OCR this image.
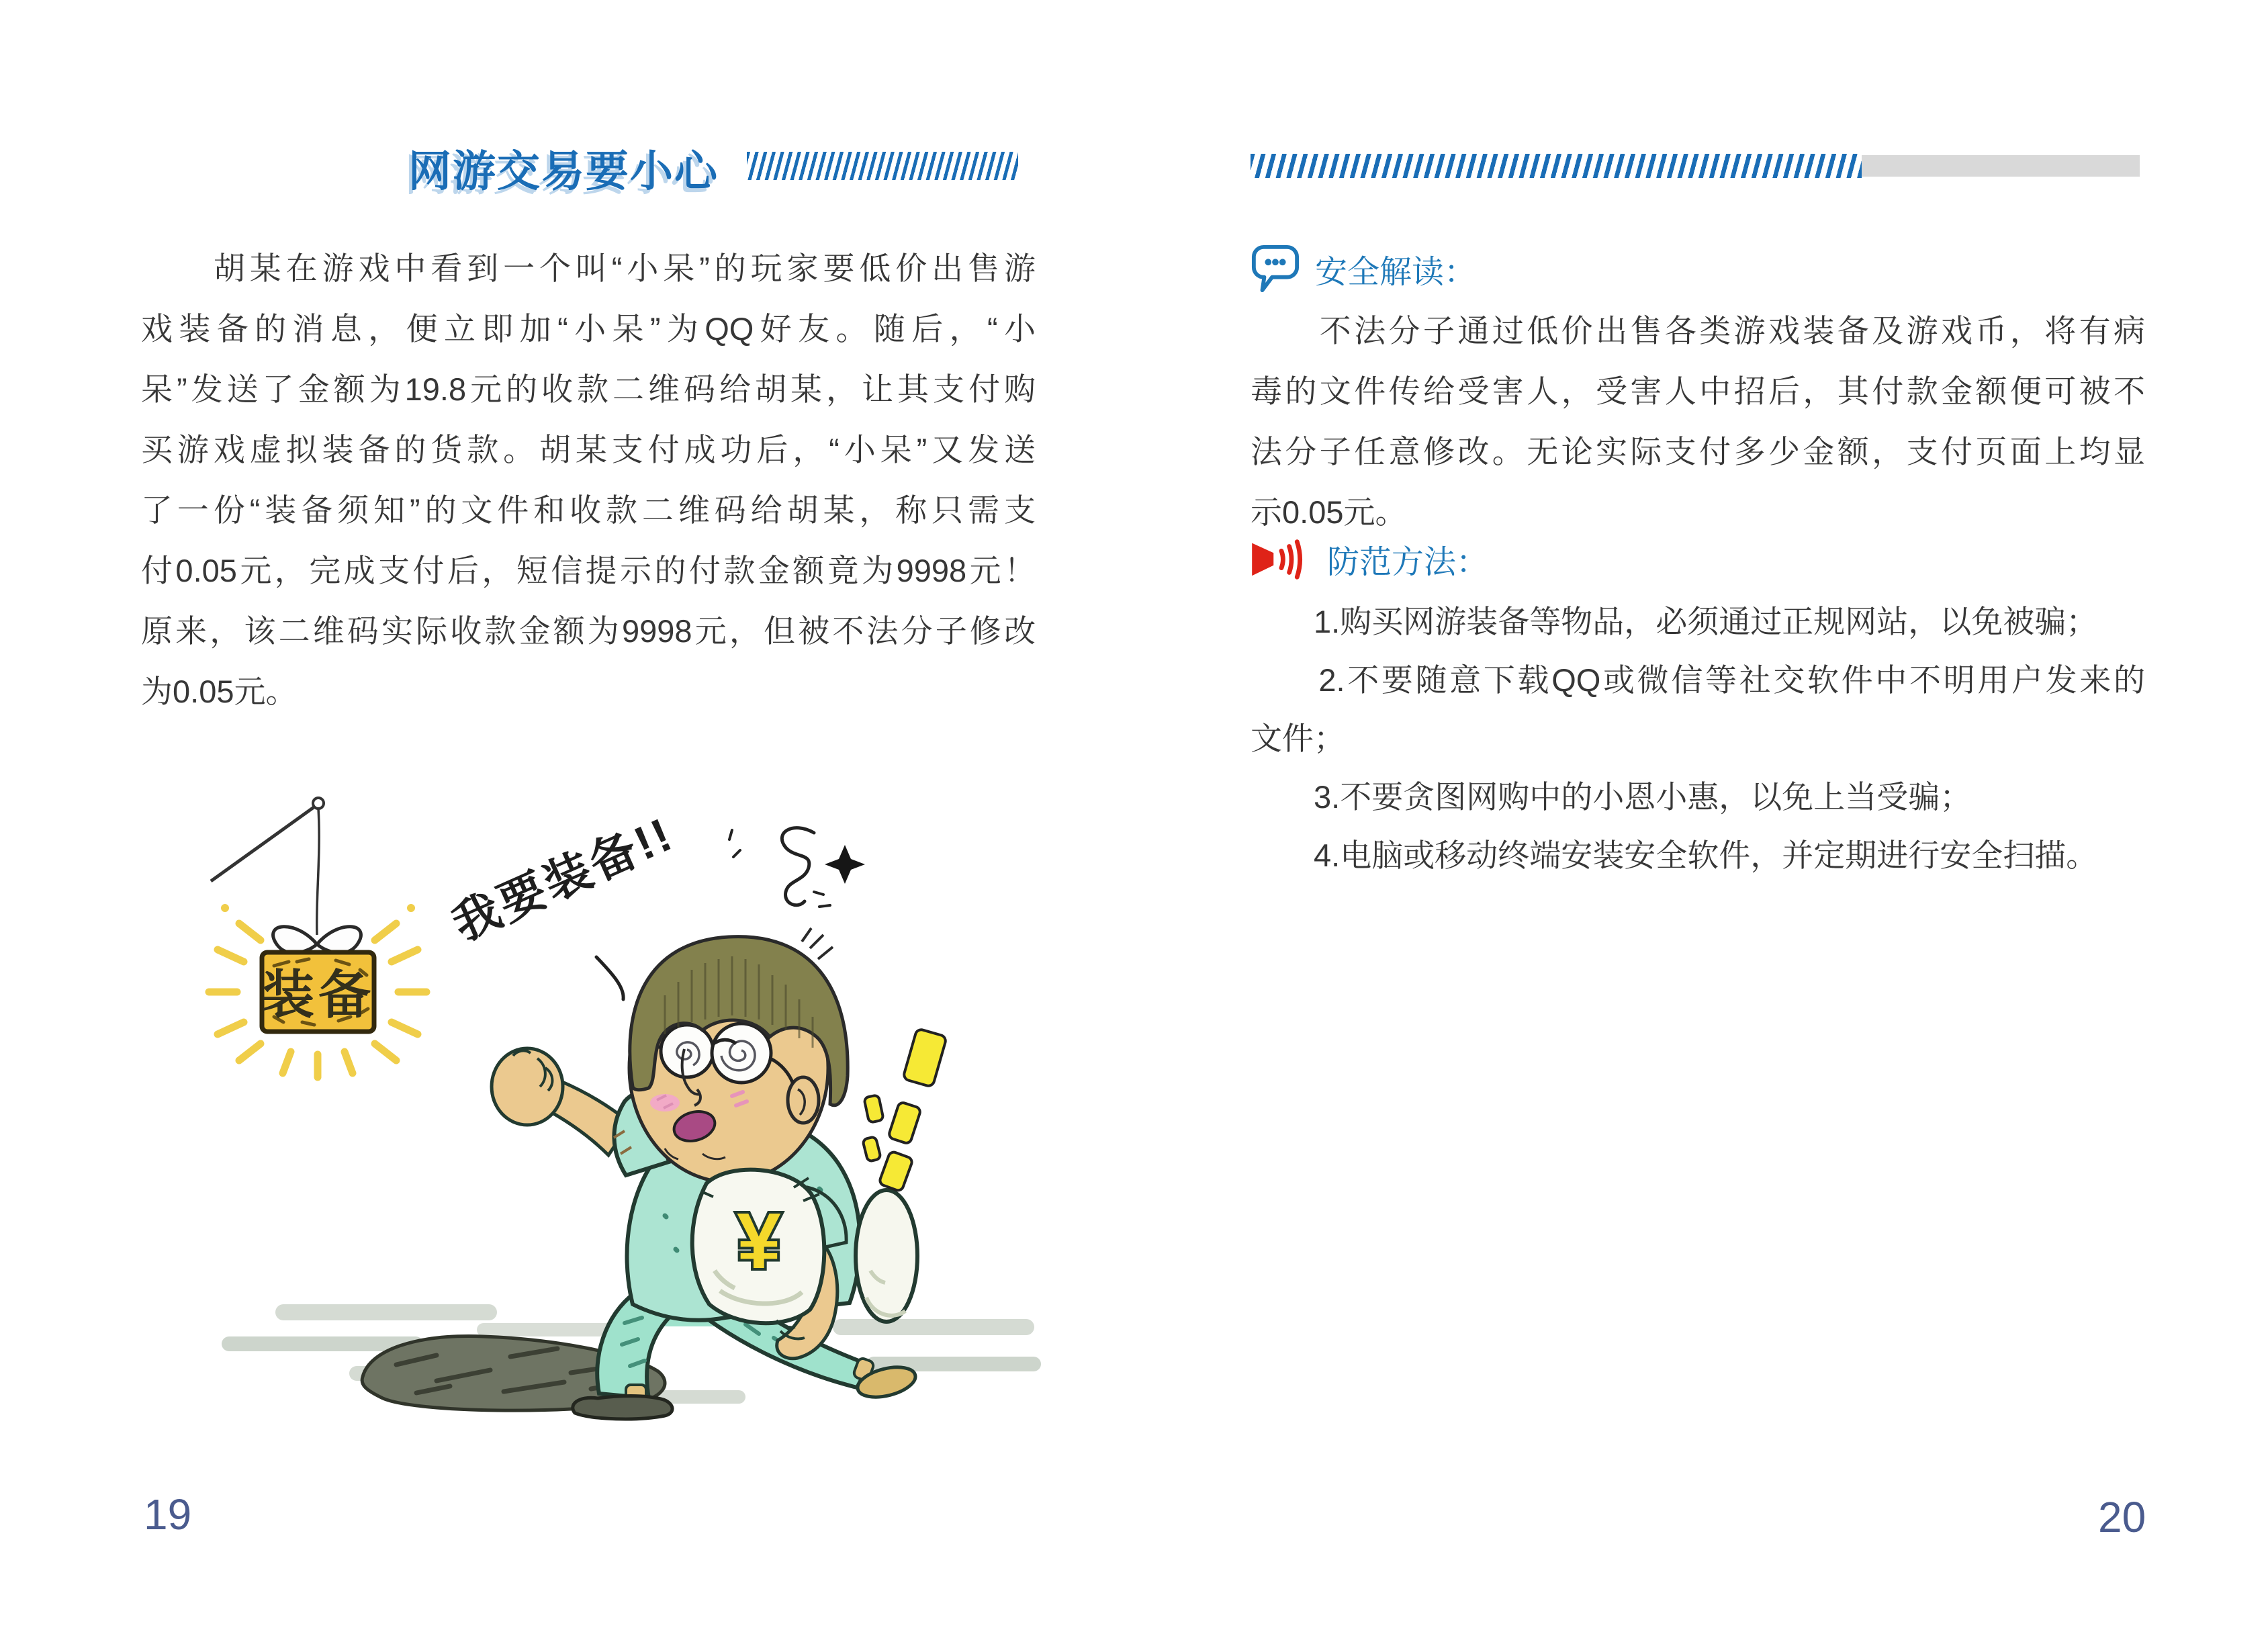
网游交易要小心
　　胡某在游戏中看到一个叫“小呆”的玩家要低价出售游
戏装备的消息，便立即加“小呆”为QQ好友。随后，“小
呆”发送了金额为19.8元的收款二维码给胡某，让其支付购
买游戏虚拟装备的货款。胡某支付成功后，“小呆”又发送
了一份“装备须知”的文件和收款二维码给胡某，称只需支
付0.05元，完成支付后，短信提示的付款金额竟为9998元！
原来，该二维码实际收款金额为9998元，但被不法分子修改
为0.05元。
¥
装备
我要装备!!
19
安全解读：
　　不法分子通过低价出售各类游戏装备及游戏币，将有病
毒的文件传给受害人，受害人中招后，其付款金额便可被不
法分子任意修改。无论实际支付多少金额，支付页面上均显
示0.05元。
防范方法：
　　1.购买网游装备等物品，必须通过正规网站，以免被骗；
　　2.不要随意下载QQ或微信等社交软件中不明用户发来的
文件；
　　3.不要贪图网购中的小恩小惠，以免上当受骗；
　　4.电脑或移动终端安装安全软件，并定期进行安全扫描。
20
